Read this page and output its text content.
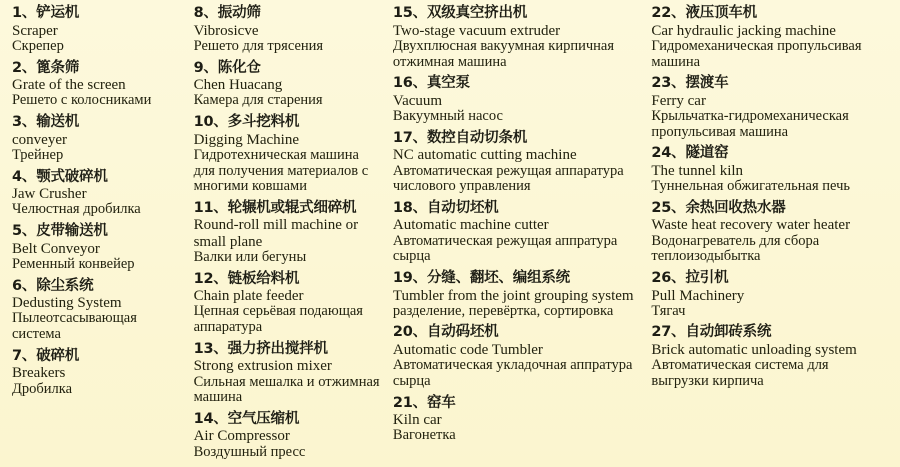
1、铲运机
Scraper
Скрепер
2、篦条筛
Grate of the screen
Решето с колосниками
3、输送机
conveyer
Трейнер
4、颚式破碎机
Jaw Crusher
Челюстная дробилка
5、皮带输送机
Belt Conveyor
Ременный конвейер
6、除尘系统
Dedusting System
Пылеотсасывающая система
7、破碎机
Breakers
Дробилка
8、振动筛
Vibrosicve
Решето для трясения
9、陈化仓
Chen Huacang
Камера для старения
10、多斗挖料机
Digging Machine
Гидротехническая машина для получения материалов с многими ковшами
11、轮辗机或辊式细碎机
Round-roll mill machine or small plane
Валки или бегуны
12、链板给料机
Chain plate feeder
Цепная серьёвая подающая аппаратура
13、强力挤出搅拌机
Strong extrusion mixer
Сильная мешалка и отжимная машина
14、空气压缩机
Air Compressor
Воздушный пресс
15、双级真空挤出机
Two-stage vacuum extruder
Двухплюсная вакуумная кирпичная отжимная машина
16、真空泵
Vacuum
Вакуумный насос
17、数控自动切条机
NC automatic cutting machine
Автоматическая режущая аппаратура числового управления
18、自动切坯机
Automatic machine cutter
Автоматическая режущая аппратура сырца
19、分缝、翻坯、编组系统
Tumbler from the joint grouping system
разделение, перевёртка, сортировка
20、自动码坯机
Automatic code Tumbler
Автоматическая укладочная аппратура сырца
21、窑车
Kiln car
Вагонетка
22、液压顶车机
Car hydraulic jacking machine
Гидромеханическая пропульсивая машина
23、摆渡车
Ferry car
Крыльчатка-гидромеханическая пропульсивая машина
24、隧道窑
The tunnel kiln
Туннельная обжигательная печь
25、余热回收热水器
Waste heat recovery water heater
Водонагреватель для сбора теплоизодыбытка
26、拉引机
Pull Machinery
Тягач
27、自动卸砖系统
Brick automatic unloading system
Автоматическая система для выгрузки кирпича
